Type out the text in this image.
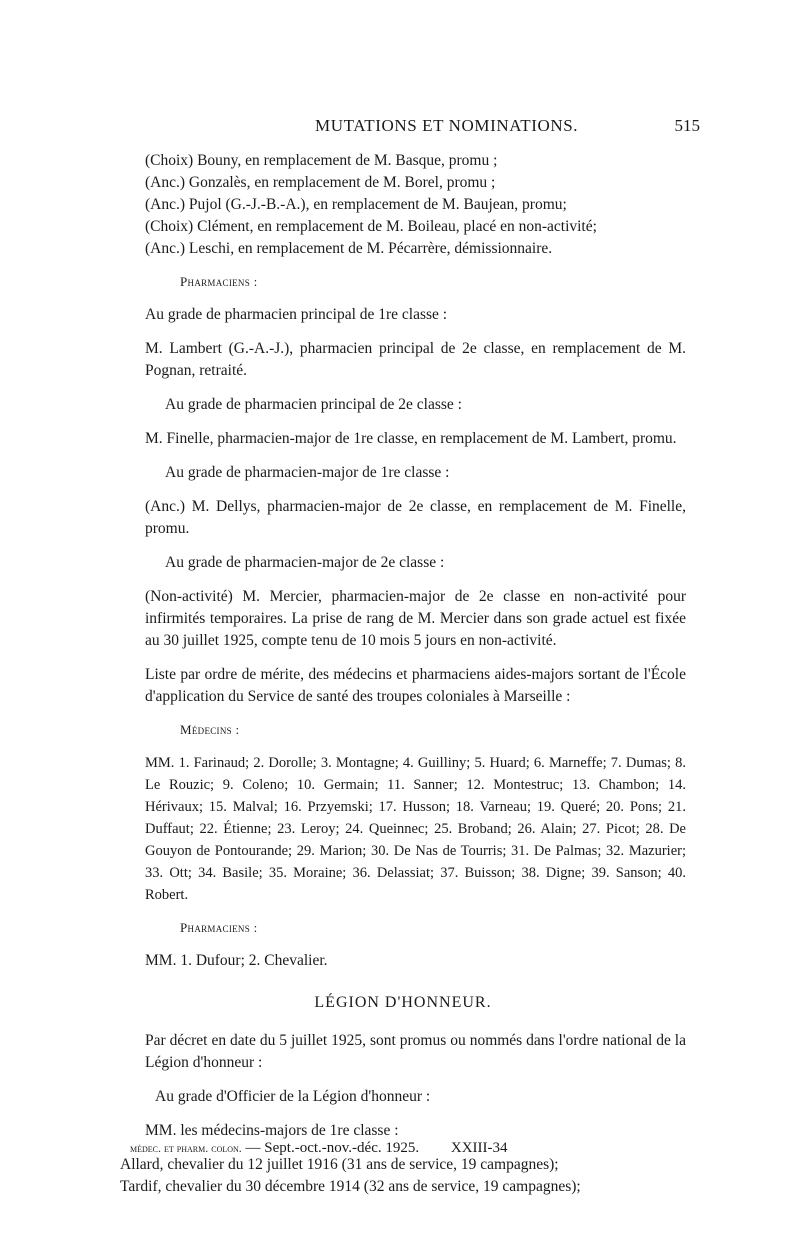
MUTATIONS ET NOMINATIONS.	515

(Choix) Bouny, en remplacement de M. Basque, promu ;

(Anc.) Gonzalès, en remplacement de M. Borel, promu ;

(Anc.) Pujol (G.-J.-B.-A.), en remplacement de M. Baujean, promu;

(Choix) Clément, en remplacement de M. Boileau, placé en non-activité;

(Anc.) Leschi, en remplacement de M. Pécarrère, démissionnaire.

Pharmaciens :

Au grade de pharmacien principal de 1re classe :

M. Lambert (G.-A.-J.), pharmacien principal de 2e classe, en remplacement de M. Pognan, retraité.

Au grade de pharmacien principal de 2e classe :

M. Finelle, pharmacien-major de 1re classe, en remplacement de M. Lambert, promu.

Au grade de pharmacien-major de 1re classe :

(Anc.) M. Dellys, pharmacien-major de 2e classe, en remplacement de M. Finelle, promu.

Au grade de pharmacien-major de 2e classe :

(Non-activité) M. Mercier, pharmacien-major de 2e classe en non-activité pour infirmités temporaires. La prise de rang de M. Mercier dans son grade actuel est fixée au 30 juillet 1925, compte tenu de 10 mois 5 jours en non-activité.

Liste par ordre de mérite, des médecins et pharmaciens aides-majors sortant de l'École d'application du Service de santé des troupes coloniales à Marseille :

Médecins :

MM. 1. Farinaud; 2. Dorolle; 3. Montagne; 4. Guilliny; 5. Huard; 6. Marneffe; 7. Dumas; 8. Le Rouzic; 9. Coleno; 10. Germain; 11. Sanner; 12. Montestruc; 13. Chambon; 14. Hérivaux; 15. Malval; 16. Przyemski; 17. Husson; 18. Varneau; 19. Queré; 20. Pons; 21. Duffaut; 22. Étienne; 23. Leroy; 24. Queinnec; 25. Broband; 26. Alain; 27. Picot; 28. De Gouyon de Pontourande; 29. Marion; 30. De Nas de Tourris; 31. De Palmas; 32. Mazurier; 33. Ott; 34. Basile; 35. Moraine; 36. Delassiat; 37. Buisson; 38. Digne; 39. Sanson; 40. Robert.

Pharmaciens :

MM. 1. Dufour; 2. Chevalier.

LÉGION D'HONNEUR.

Par décret en date du 5 juillet 1925, sont promus ou nommés dans l'ordre national de la Légion d'honneur :

Au grade d'Officier de la Légion d'honneur :

MM. les médecins-majors de 1re classe :

Allard, chevalier du 12 juillet 1916 (31 ans de service, 19 campagnes);

Tardif, chevalier du 30 décembre 1914 (32 ans de service, 19 campagnes);

médec. et pharm. colon. — Sept.-oct.-nov.-déc. 1925. XXIII-34
